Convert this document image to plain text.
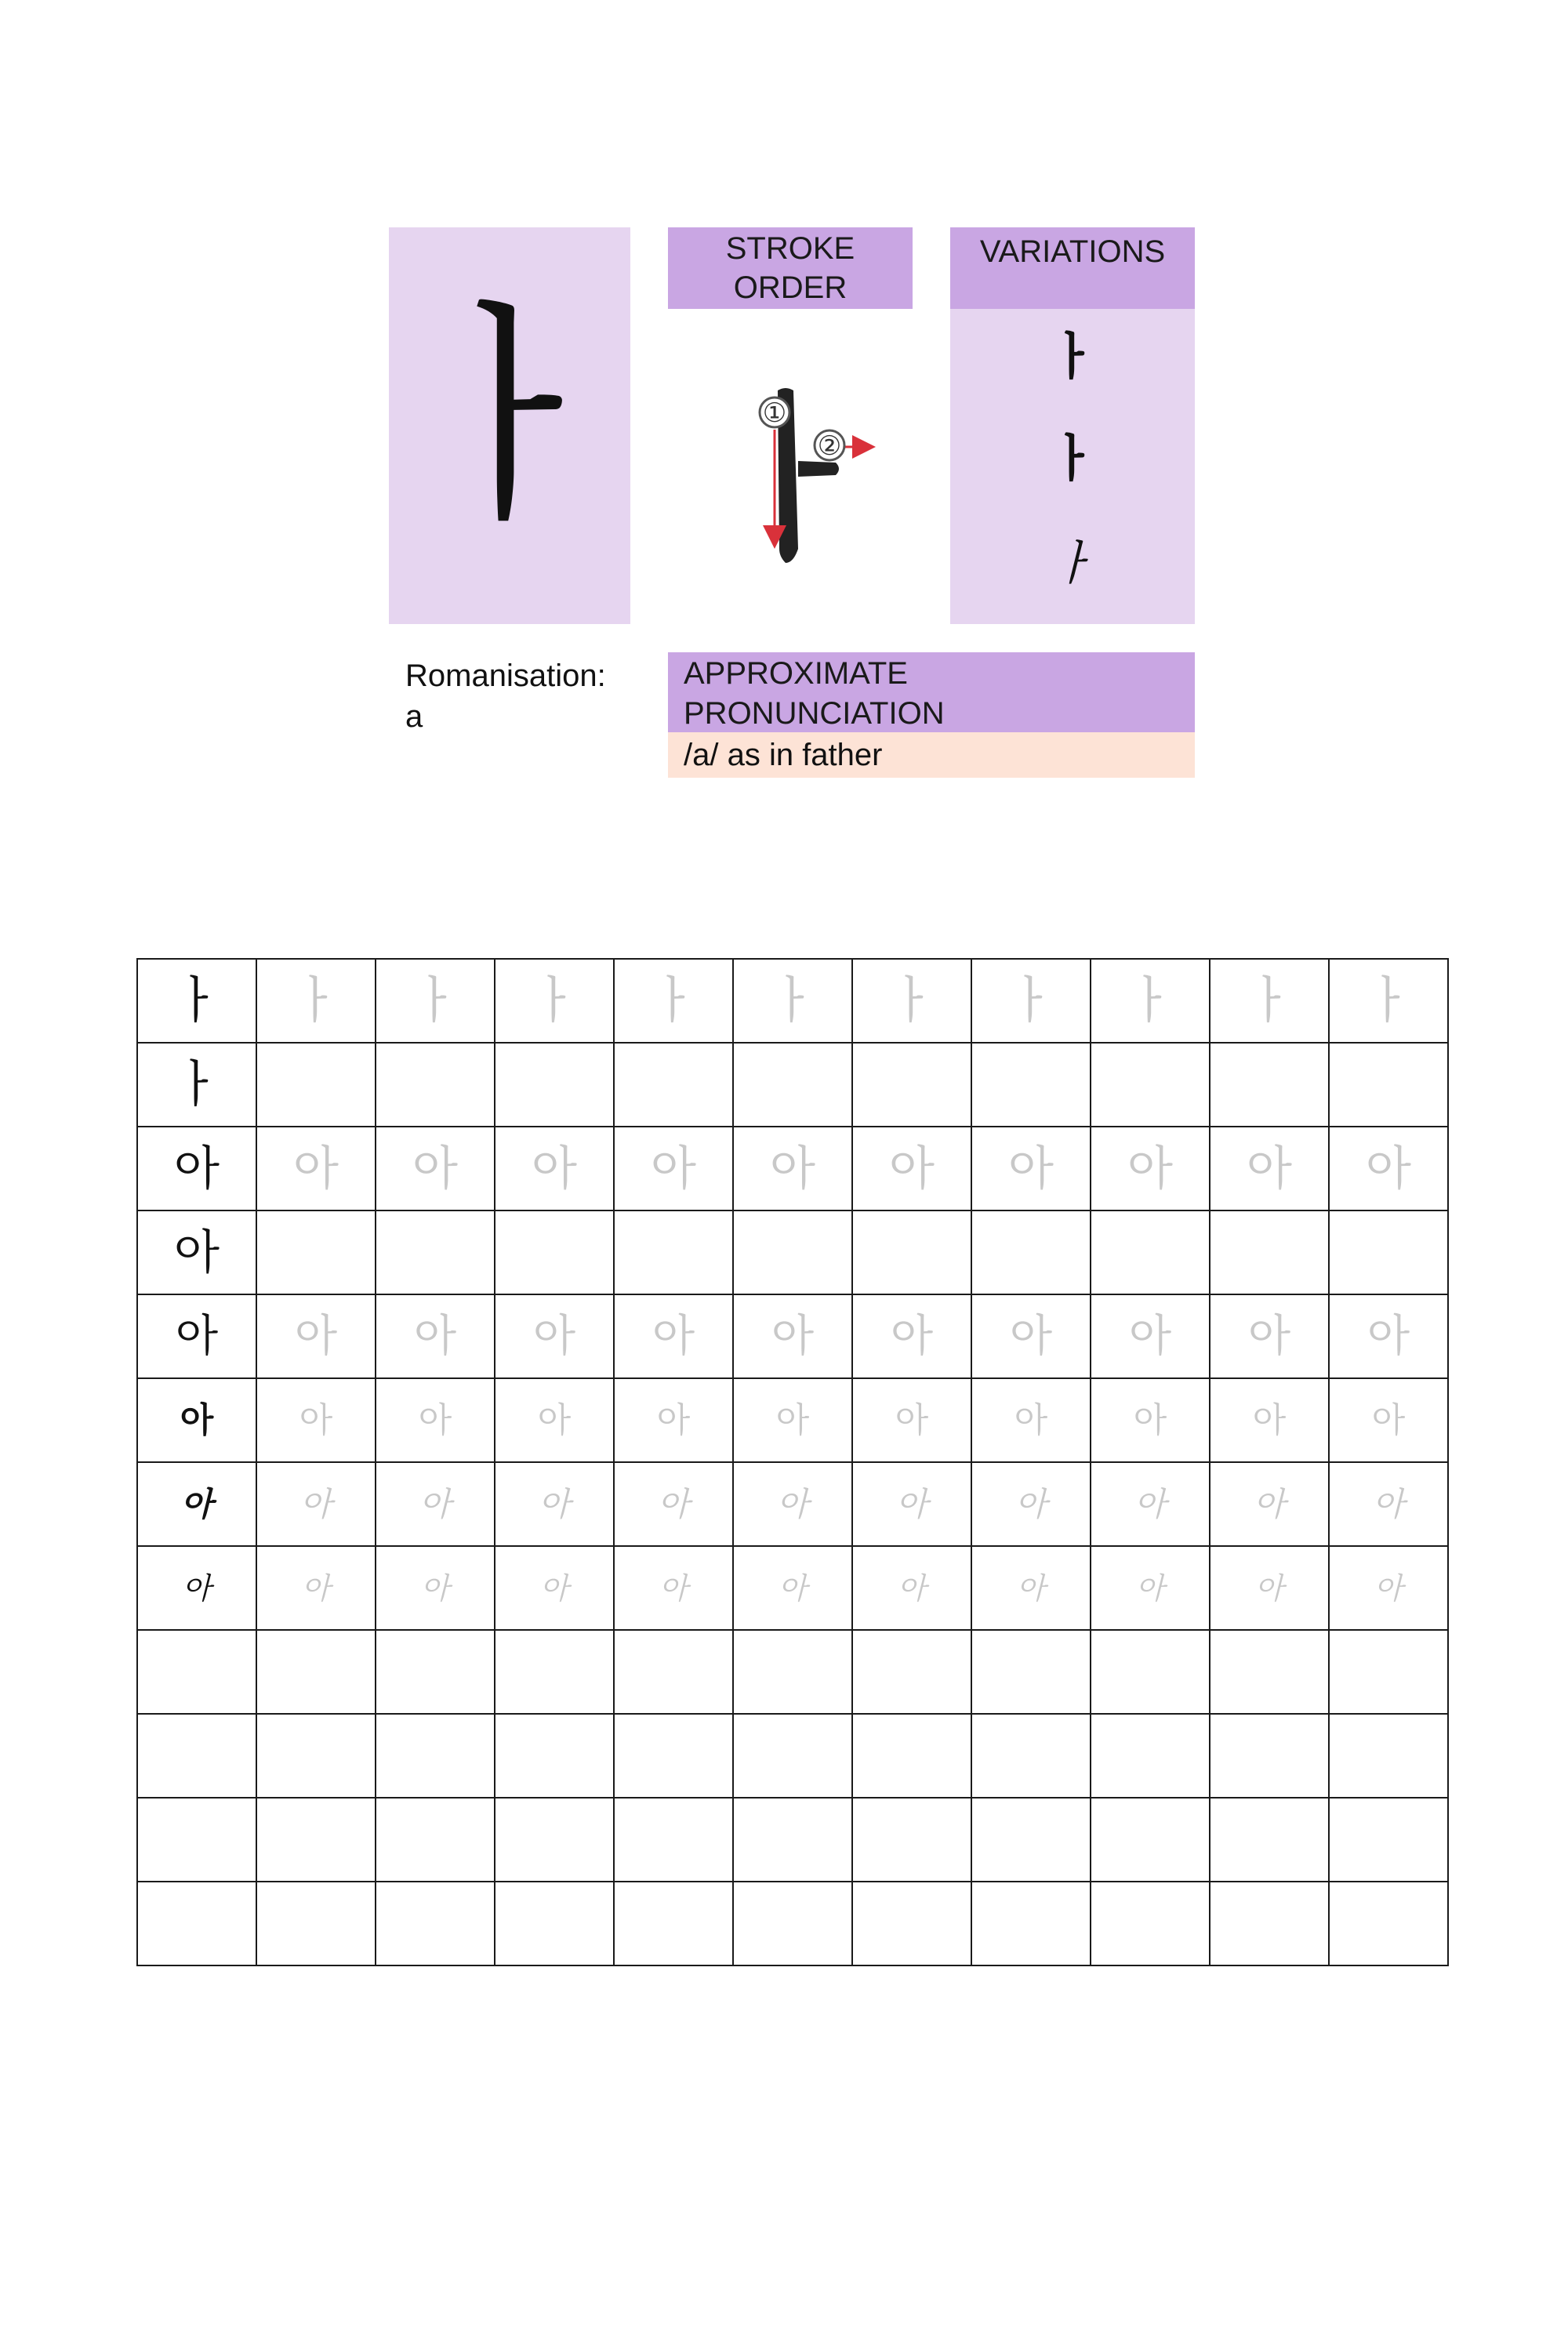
ㅏ
STROKE ORDER
①
②
VARIATIONS
ㅏ
ㅏ
ㅏ
Romanisation:
a
APPROXIMATE PRONUNCIATION
/a/ as in father
ㅏ	ㅏ	ㅏ	ㅏ	ㅏ	ㅏ	ㅏ	ㅏ	ㅏ	ㅏ	ㅏ
ㅏ										
아	아	아	아	아	아	아	아	아	아	아
아										
아	아	아	아	아	아	아	아	아	아	아
아	아	아	아	아	아	아	아	아	아	아
아	아	아	아	아	아	아	아	아	아	아
아	아	아	아	아	아	아	아	아	아	아
